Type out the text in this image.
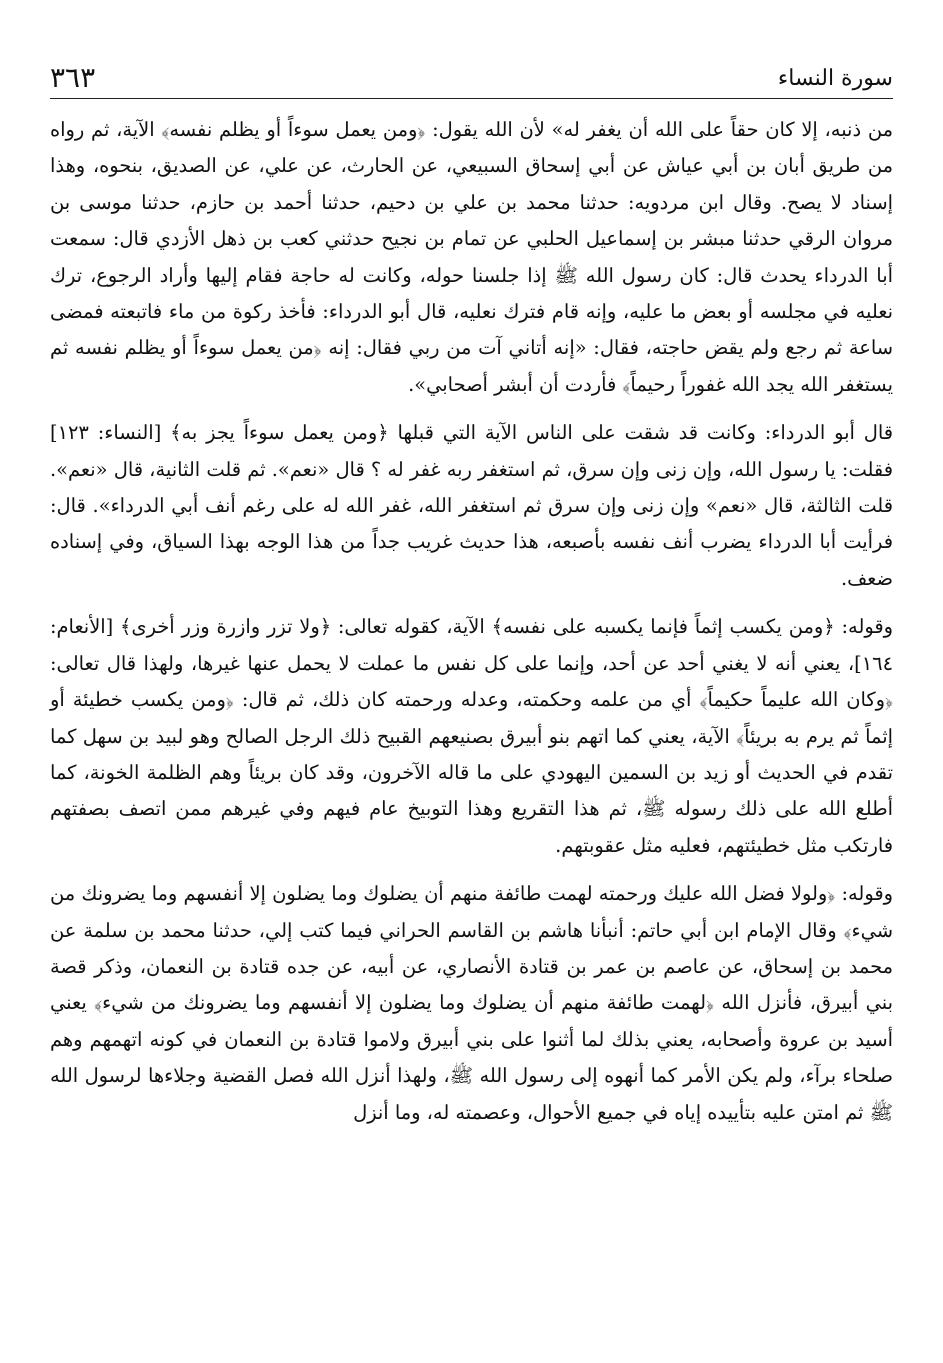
٣٦٣	سورة النساء

من ذنبه، إلا كان حقاً على الله أن يغفر له» لأن الله يقول: ﴿ومن يعمل سوءاً أو يظلم نفسه﴾ الآية، ثم رواه من طريق أبان بن أبي عياش عن أبي إسحاق السبيعي، عن الحارث، عن علي، عن الصديق، بنحوه، وهذا إسناد لا يصح. وقال ابن مردويه: حدثنا محمد بن علي بن دحيم، حدثنا أحمد بن حازم، حدثنا موسى بن مروان الرقي حدثنا مبشر بن إسماعيل الحلبي عن تمام بن نجيح حدثني كعب بن ذهل الأزدي قال: سمعت أبا الدرداء يحدث قال: كان رسول الله ﷺ إذا جلسنا حوله، وكانت له حاجة فقام إليها وأراد الرجوع، ترك نعليه في مجلسه أو بعض ما عليه، وإنه قام فترك نعليه، قال أبو الدرداء: فأخذ ركوة من ماء فاتبعته فمضى ساعة ثم رجع ولم يقض حاجته، فقال: «إنه أتاني آت من ربي فقال: إنه ﴿من يعمل سوءاً أو يظلم نفسه ثم يستغفر الله يجد الله غفوراً رحيماً﴾ فأردت أن أبشر أصحابي».

قال أبو الدرداء: وكانت قد شقت على الناس الآية التي قبلها ﴿ومن يعمل سوءاً يجز به﴾ [النساء: ١٢٣] فقلت: يا رسول الله، وإن زنى وإن سرق، ثم استغفر ربه غفر له ؟ قال «نعم». ثم قلت الثانية، قال «نعم». قلت الثالثة، قال «نعم» وإن زنى وإن سرق ثم استغفر الله، غفر الله له على رغم أنف أبي الدرداء». قال: فرأيت أبا الدرداء يضرب أنف نفسه بأصبعه، هذا حديث غريب جداً من هذا الوجه بهذا السياق، وفي إسناده ضعف.

وقوله: ﴿ومن يكسب إثماً فإنما يكسبه على نفسه﴾ الآية، كقوله تعالى: ﴿ولا تزر وازرة وزر أخرى﴾ [الأنعام: ١٦٤]، يعني أنه لا يغني أحد عن أحد، وإنما على كل نفس ما عملت لا يحمل عنها غيرها، ولهذا قال تعالى: ﴿وكان الله عليماً حكيماً﴾ أي من علمه وحكمته، وعدله ورحمته كان ذلك، ثم قال: ﴿ومن يكسب خطيئة أو إثماً ثم يرم به بريئاً﴾ الآية، يعني كما اتهم بنو أبيرق بصنيعهم القبيح ذلك الرجل الصالح وهو لبيد بن سهل كما تقدم في الحديث أو زيد بن السمين اليهودي على ما قاله الآخرون، وقد كان بريئاً وهم الظلمة الخونة، كما أطلع الله على ذلك رسوله ﷺ، ثم هذا التقريع وهذا التوبيخ عام فيهم وفي غيرهم ممن اتصف بصفتهم فارتكب مثل خطيئتهم، فعليه مثل عقوبتهم.

وقوله: ﴿ولولا فضل الله عليك ورحمته لهمت طائفة منهم أن يضلوك وما يضلون إلا أنفسهم وما يضرونك من شيء﴾ وقال الإمام ابن أبي حاتم: أنبأنا هاشم بن القاسم الحراني فيما كتب إلي، حدثنا محمد بن سلمة عن محمد بن إسحاق، عن عاصم بن عمر بن قتادة الأنصاري، عن أبيه، عن جده قتادة بن النعمان، وذكر قصة بني أبيرق، فأنزل الله ﴿لهمت طائفة منهم أن يضلوك وما يضلون إلا أنفسهم وما يضرونك من شيء﴾ يعني أسيد بن عروة وأصحابه، يعني بذلك لما أثنوا على بني أبيرق ولاموا قتادة بن النعمان في كونه اتهمهم وهم صلحاء برآء، ولم يكن الأمر كما أنهوه إلى رسول الله ﷺ، ولهذا أنزل الله فصل القضية وجلاءها لرسول الله ﷺ ثم امتن عليه بتأييده إياه في جميع الأحوال، وعصمته له، وما أنزل
